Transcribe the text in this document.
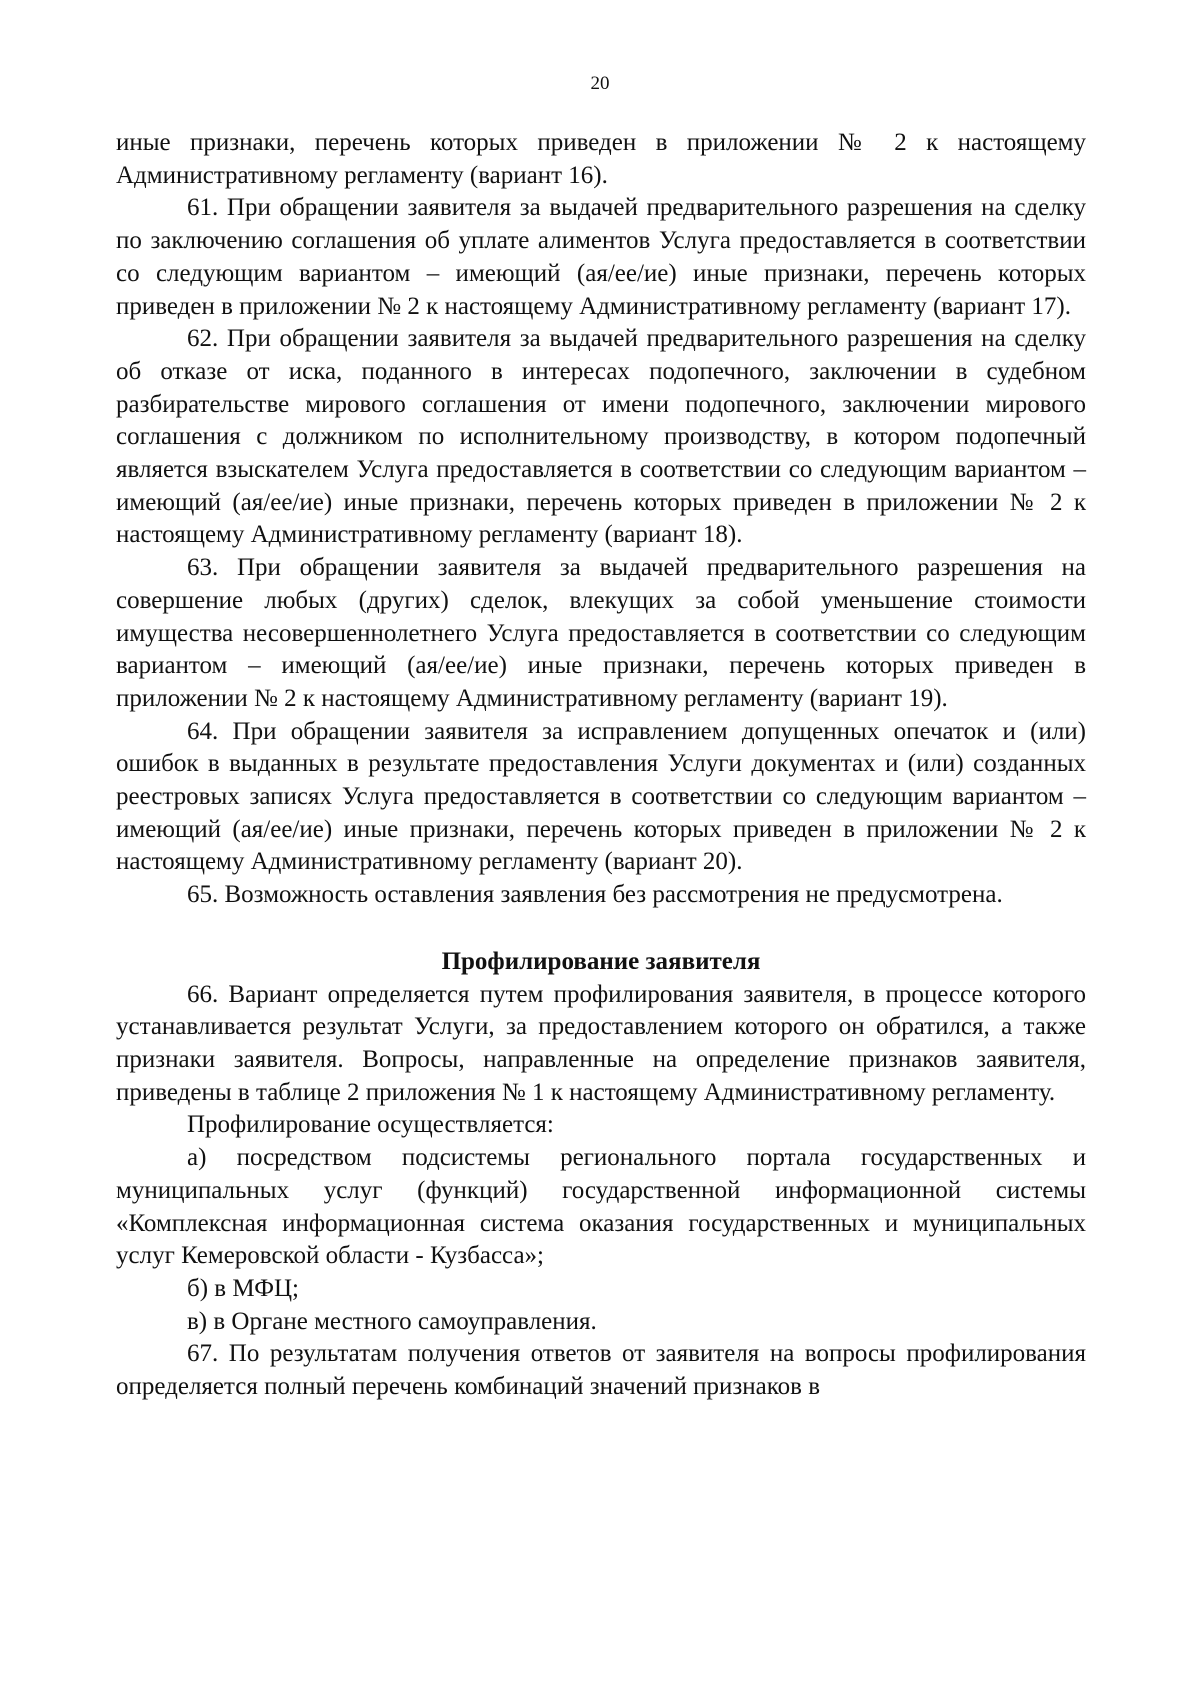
20

иные признаки, перечень которых приведен в приложении № 2 к настоящему Административному регламенту (вариант 16).

61. При обращении заявителя за выдачей предварительного разрешения на сделку по заключению соглашения об уплате алиментов Услуга предоставляется в соответствии со следующим вариантом – имеющий (ая/ее/ие) иные признаки, перечень которых приведен в приложении № 2 к настоящему Административному регламенту (вариант 17).

62. При обращении заявителя за выдачей предварительного разрешения на сделку об отказе от иска, поданного в интересах подопечного, заключении в судебном разбирательстве мирового соглашения от имени подопечного, заключении мирового соглашения с должником по исполнительному производству, в котором подопечный является взыскателем Услуга предоставляется в соответствии со следующим вариантом – имеющий (ая/ее/ие) иные признаки, перечень которых приведен в приложении № 2 к настоящему Административному регламенту (вариант 18).

63. При обращении заявителя за выдачей предварительного разрешения на совершение любых (других) сделок, влекущих за собой уменьшение стоимости имущества несовершеннолетнего Услуга предоставляется в соответствии со следующим вариантом – имеющий (ая/ее/ие) иные признаки, перечень которых приведен в приложении № 2 к настоящему Административному регламенту (вариант 19).

64. При обращении заявителя за исправлением допущенных опечаток и (или) ошибок в выданных в результате предоставления Услуги документах и (или) созданных реестровых записях Услуга предоставляется в соответствии со следующим вариантом – имеющий (ая/ее/ие) иные признаки, перечень которых приведен в приложении № 2 к настоящему Административному регламенту (вариант 20).

65. Возможность оставления заявления без рассмотрения не предусмотрена.

Профилирование заявителя

66. Вариант определяется путем профилирования заявителя, в процессе которого устанавливается результат Услуги, за предоставлением которого он обратился, а также признаки заявителя. Вопросы, направленные на определение признаков заявителя, приведены в таблице 2 приложения № 1 к настоящему Административному регламенту.

Профилирование осуществляется:

а) посредством подсистемы регионального портала государственных и муниципальных услуг (функций) государственной информационной системы «Комплексная информационная система оказания государственных и муниципальных услуг Кемеровской области - Кузбасса»;

б) в МФЦ;

в) в Органе местного самоуправления.

67. По результатам получения ответов от заявителя на вопросы профилирования определяется полный перечень комбинаций значений признаков в
